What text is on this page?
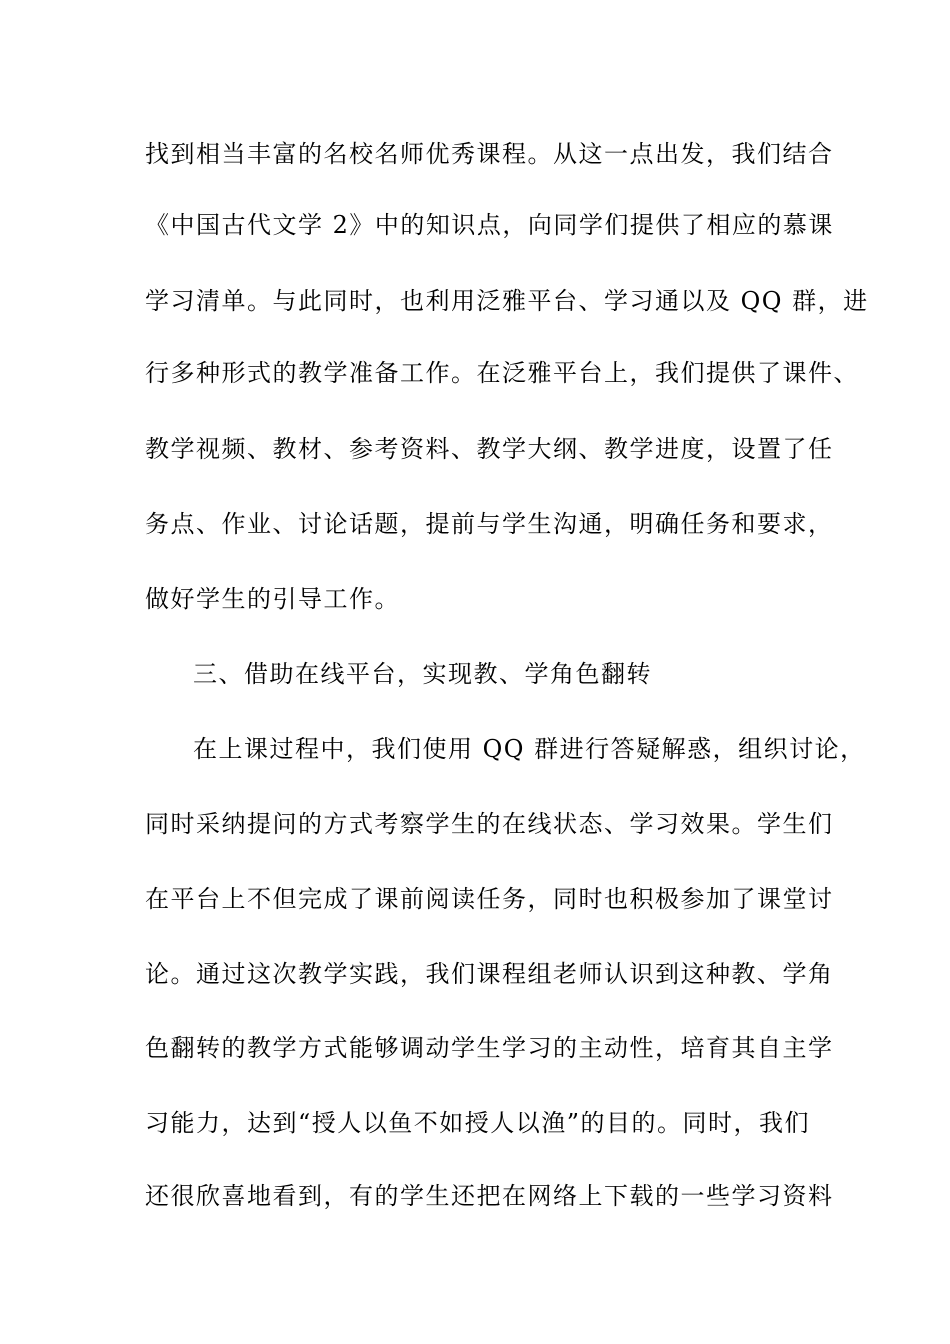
找到相当丰富的名校名师优秀课程。从这一点出发，我们结合
《中国古代文学 2》中的知识点，向同学们提供了相应的慕课
学习清单。与此同时，也利用泛雅平台、学习通以及 QQ 群，进
行多种形式的教学准备工作。在泛雅平台上，我们提供了课件、
教学视频、教材、参考资料、教学大纲、教学进度，设置了任
务点、作业、讨论话题，提前与学生沟通，明确任务和要求，
做好学生的引导工作。
三、借助在线平台，实现教、学角色翻转
在上课过程中，我们使用 QQ 群进行答疑解惑，组织讨论，
同时采纳提问的方式考察学生的在线状态、学习效果。学生们
在平台上不但完成了课前阅读任务，同时也积极参加了课堂讨
论。通过这次教学实践，我们课程组老师认识到这种教、学角
色翻转的教学方式能够调动学生学习的主动性，培育其自主学
习能力，达到“授人以鱼不如授人以渔”的目的。同时，我们
还很欣喜地看到，有的学生还把在网络上下载的一些学习资料
